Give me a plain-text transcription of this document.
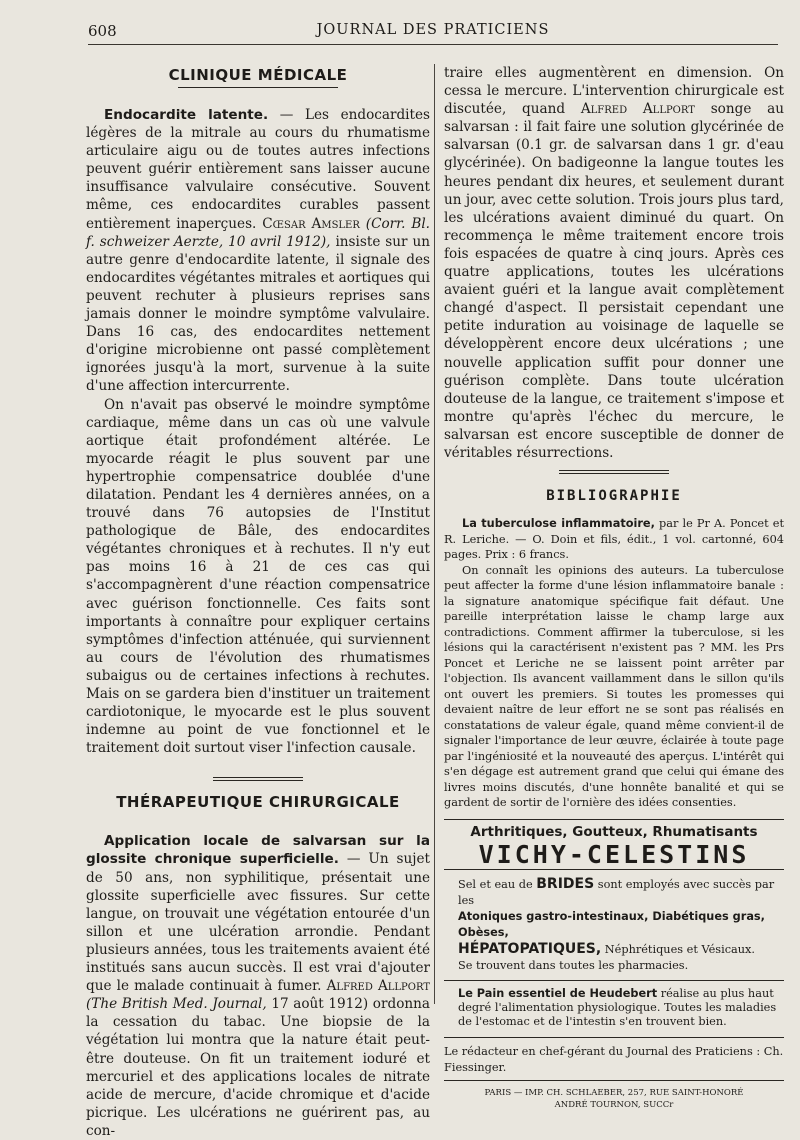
608	JOURNAL DES PRATICIENS
CLINIQUE MÉDICALE

Endocardite latente. — Les endocardites légères de la mitrale au cours du rhumatisme articulaire aigu ou de toutes autres infections peuvent guérir entièrement sans laisser aucune insuffisance valvulaire consécutive. Souvent même, ces endocardites curables passent entièrement inaperçues. Cœsar Amsler (Corr. Bl. f. schweizer Aerzte, 10 avril 1912), insiste sur un autre genre d'endocardite latente, il signale des endocardites végétantes mitrales et aortiques qui peuvent rechuter à plusieurs reprises sans jamais donner le moindre symptôme valvulaire. Dans 16 cas, des endocardites nettement d'origine microbienne ont passé complètement ignorées jusqu'à la mort, survenue à la suite d'une affection intercurrente.

On n'avait pas observé le moindre symptôme cardiaque, même dans un cas où une valvule aortique était profondément altérée. Le myocarde réagit le plus souvent par une hypertrophie compensatrice doublée d'une dilatation. Pendant les 4 dernières années, on a trouvé dans 76 autopsies de l'Institut pathologique de Bâle, des endocardites végétantes chroniques et à rechutes. Il n'y eut pas moins 16 à 21 de ces cas qui s'accompagnèrent d'une réaction compensatrice avec guérison fonctionnelle. Ces faits sont importants à connaître pour expliquer certains symptômes d'infection atténuée, qui surviennent au cours de l'évolution des rhumatismes subaigus ou de certaines infections à rechutes. Mais on se gardera bien d'instituer un traitement cardiotonique, le myocarde est le plus souvent indemne au point de vue fonctionnel et le traitement doit surtout viser l'infection causale.

THÉRAPEUTIQUE CHIRURGICALE

Application locale de salvarsan sur la glossite chronique superficielle. — Un sujet de 50 ans, non syphilitique, présentait une glossite superficielle avec fissures. Sur cette langue, on trouvait une végétation entourée d'un sillon et une ulcération arrondie. Pendant plusieurs années, tous les traitements avaient été institués sans aucun succès. Il est vrai d'ajouter que le malade continuait à fumer. Alfred Allport (The British Med. Journal, 17 août 1912) ordonna la cessation du tabac. Une biopsie de la végétation lui montra que la nature était peut-être douteuse. On fit un traitement ioduré et mercuriel et des applications locales de nitrate acide de mercure, d'acide chromique et d'acide picrique. Les ulcérations ne guérirent pas, au con-

traire elles augmentèrent en dimension. On cessa le mercure. L'intervention chirurgicale est discutée, quand Alfred Allport songe au salvarsan : il fait faire une solution glycérinée de salvarsan (0.1 gr. de salvarsan dans 1 gr. d'eau glycérinée). On badigeonne la langue toutes les heures pendant dix heures, et seulement durant un jour, avec cette solution. Trois jours plus tard, les ulcérations avaient diminué du quart. On recommença le même traitement encore trois fois espacées de quatre à cinq jours. Après ces quatre applications, toutes les ulcérations avaient guéri et la langue avait complètement changé d'aspect. Il persistait cependant une petite induration au voisinage de laquelle se développèrent encore deux ulcérations ; une nouvelle application suffit pour donner une guérison complète. Dans toute ulcération douteuse de la langue, ce traitement s'impose et montre qu'après l'échec du mercure, le salvarsan est encore susceptible de donner de véritables résurrections.

BIBLIOGRAPHIE

La tuberculose inflammatoire, par le Pr A. Poncet et R. Leriche. — O. Doin et fils, édit., 1 vol. cartonné, 604 pages. Prix : 6 francs.

On connaît les opinions des auteurs. La tuberculose peut affecter la forme d'une lésion inflammatoire banale : la signature anatomique spécifique fait défaut. Une pareille interprétation laisse le champ large aux contradictions. Comment affirmer la tuberculose, si les lésions qui la caractérisent n'existent pas ? MM. les Prs Poncet et Leriche ne se laissent point arrêter par l'objection. Ils avancent vaillamment dans le sillon qu'ils ont ouvert les premiers. Si toutes les promesses qui devaient naître de leur effort ne se sont pas réalisés en constatations de valeur égale, quand même convient-il de signaler l'importance de leur œuvre, éclairée à toute page par l'ingéniosité et la nouveauté des aperçus. L'intérêt qui s'en dégage est autrement grand que celui qui émane des livres moins discutés, d'une honnête banalité et qui se gardent de sortir de l'ornière des idées consenties.

Arthritiques, Goutteux, Rhumatisants

VICHY-CELESTINS

Sel et eau de BRIDES sont employés avec succès par les

Atoniques gastro-intestinaux, Diabétiques gras, Obèses,

HÉPATOPATIQUES, Néphrétiques et Vésicaux.

Se trouvent dans toutes les pharmacies.

Le Pain essentiel de Heudebert réalise au plus haut degré l'alimentation physiologique. Toutes les maladies de l'estomac et de l'intestin s'en trouvent bien.

Le rédacteur en chef-gérant du Journal des Praticiens : Ch. Fiessinger.

PARIS — IMP. CH. SCHLAEBER, 257, RUE SAINT-HONORÉ

ANDRÉ TOURNON, SUCCr
